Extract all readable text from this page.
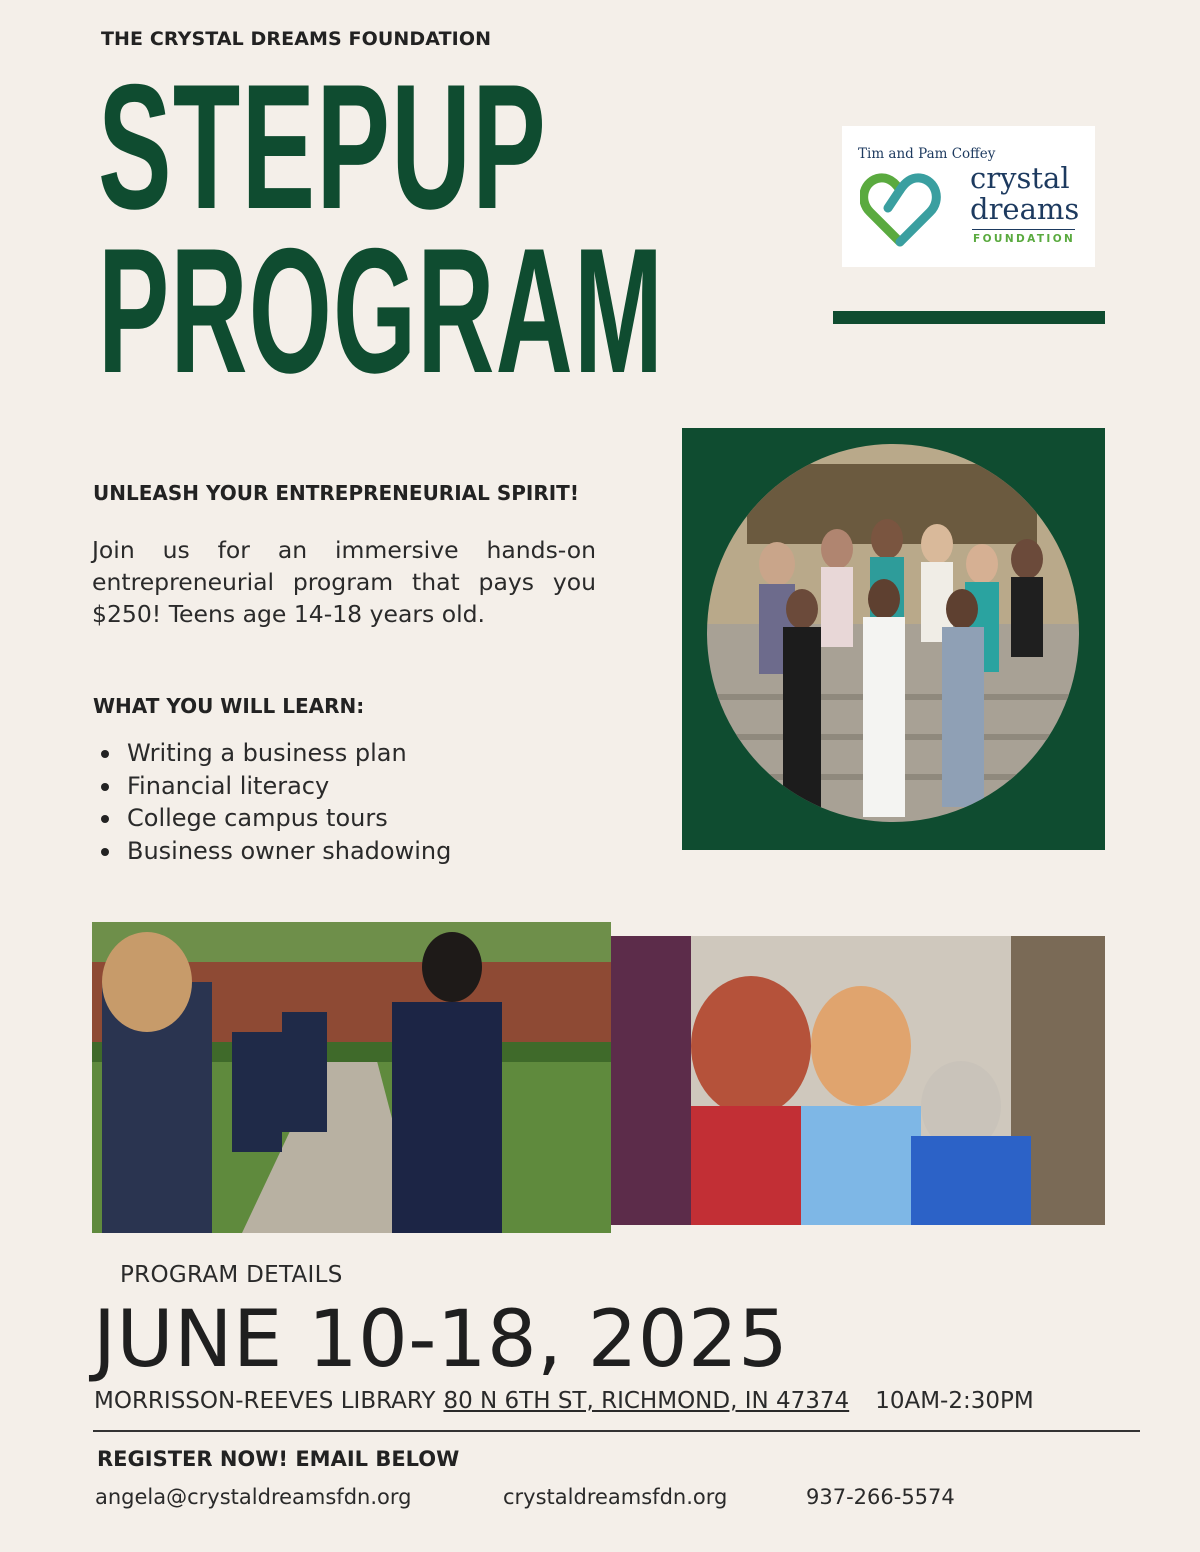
THE CRYSTAL DREAMS FOUNDATION
STEPUP
PROGRAM
Tim and Pam Coffey
crystal
dreams
FOUNDATION
UNLEASH YOUR ENTREPRENEURIAL SPIRIT!
Join us for an immersive hands-on entrepreneurial program that pays you $250! Teens age 14-18 years old.
WHAT YOU WILL LEARN:
Writing a business plan
Financial literacy
College campus tours
Business owner shadowing
PROGRAM DETAILS
JUNE 10-18, 2025
MORRISSON-REEVES LIBRARY 80 N 6TH ST, RICHMOND, IN 47374 10AM-2:30PM
REGISTER NOW! EMAIL BELOW
angela@crystaldreamsfdn.org	crystaldreamsfdn.org	937-266-5574
